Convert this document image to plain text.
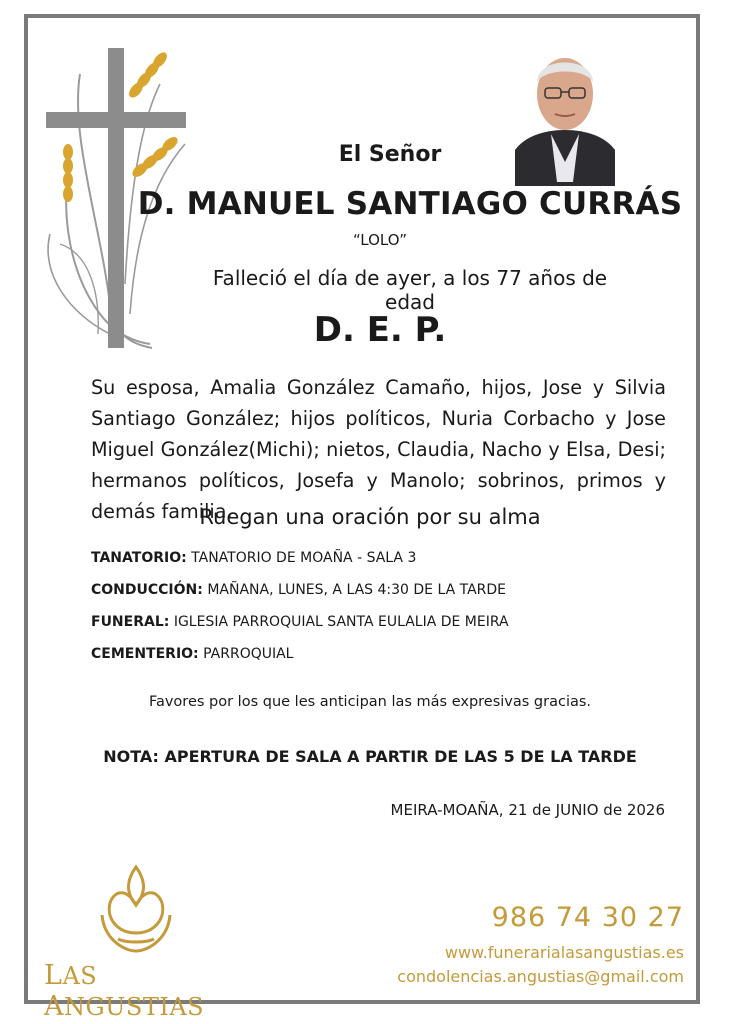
El Señor
D. MANUEL SANTIAGO CURRÁS
“LOLO”
Falleció el día de ayer, a los 77 años de edad
D. E. P.
Su esposa, Amalia González Camaño, hijos, Jose y Silvia Santiago González; hijos políticos, Nuria Corbacho y Jose Miguel González(Michi); nietos, Claudia, Nacho y Elsa, Desi; hermanos políticos, Josefa y Manolo; sobrinos, primos y demás familia.
Ruegan una oración por su alma
TANATORIO: TANATORIO DE MOAÑA - SALA 3
CONDUCCIÓN: MAÑANA, LUNES, A LAS 4:30 DE LA TARDE
FUNERAL: IGLESIA PARROQUIAL SANTA EULALIA DE MEIRA
CEMENTERIO: PARROQUIAL
Favores por los que les anticipan las más expresivas gracias.
NOTA: APERTURA DE SALA A PARTIR DE LAS 5 DE LA TARDE
MEIRA-MOAÑA, 21 de JUNIO de 2026
LAS ANGUSTIAS
986 74 30 27
www.funerarialasangustias.es
condolencias.angustias@gmail.com
